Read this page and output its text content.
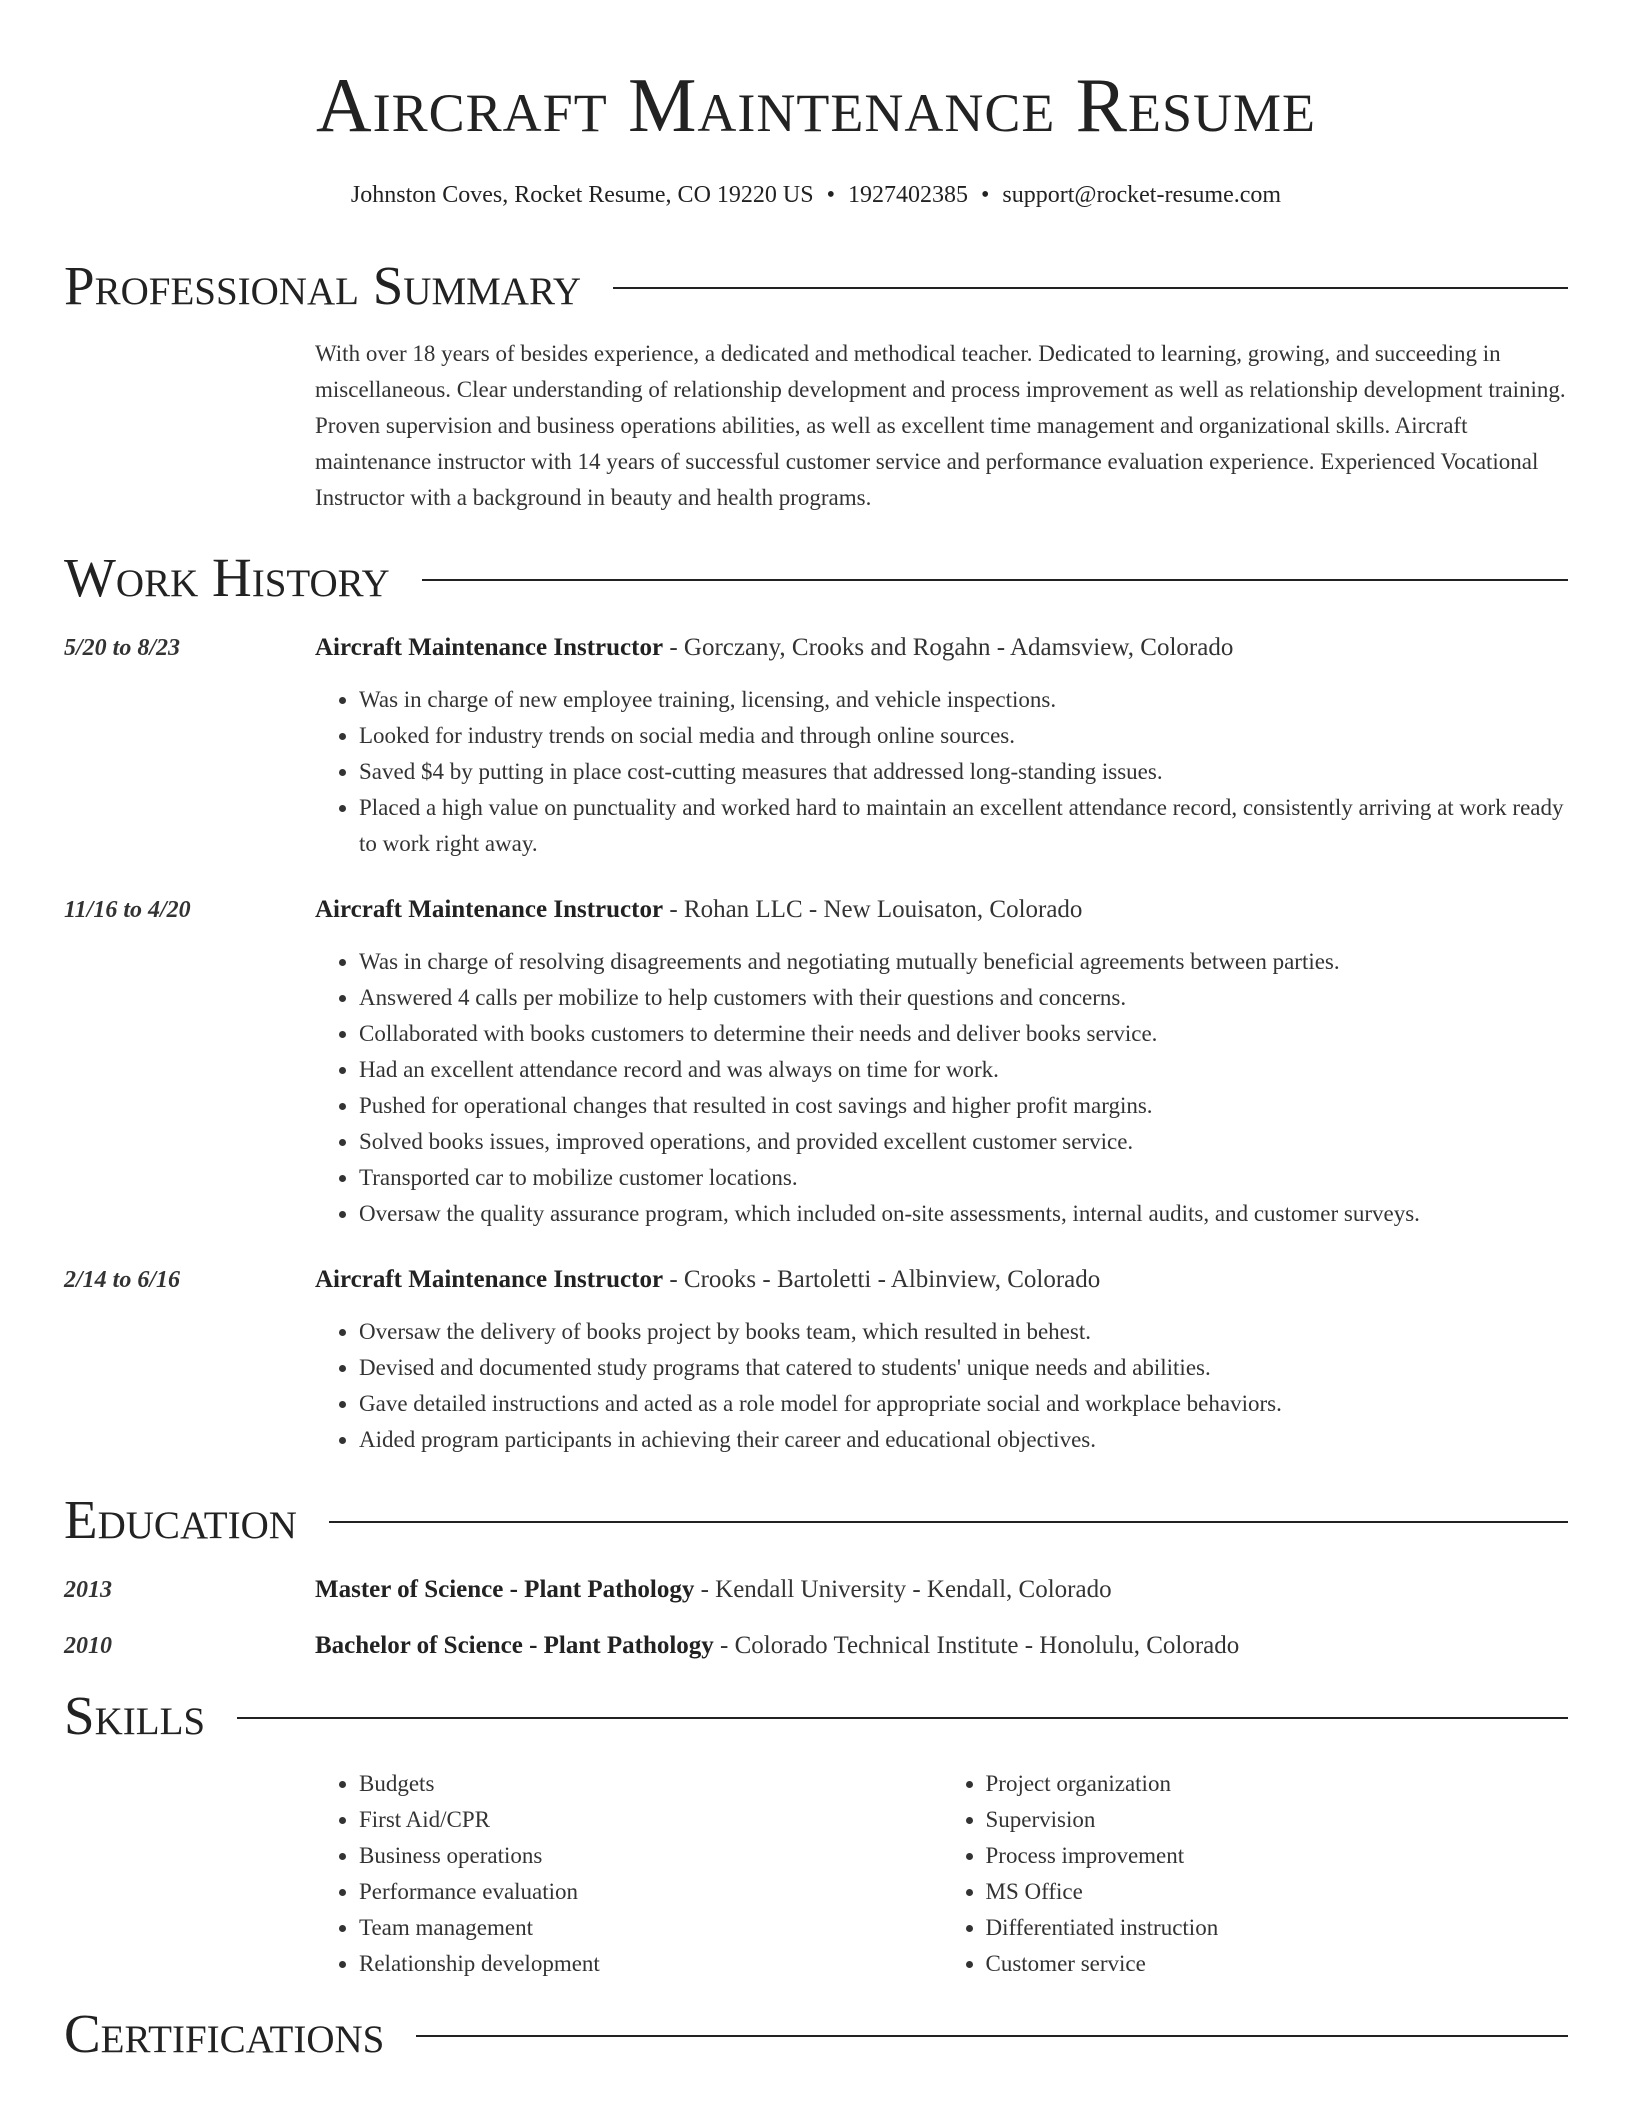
Aircraft Maintenance Resume
Johnston Coves, Rocket Resume, CO 19220 US • 1927402385 • support@rocket-resume.com
Professional Summary
With over 18 years of besides experience, a dedicated and methodical teacher. Dedicated to learning, growing, and succeeding in miscellaneous. Clear understanding of relationship development and process improvement as well as relationship development training. Proven supervision and business operations abilities, as well as excellent time management and organizational skills. Aircraft maintenance instructor with 14 years of successful customer service and performance evaluation experience. Experienced Vocational Instructor with a background in beauty and health programs.
Work History
5/20 to 8/23	Aircraft Maintenance Instructor - Gorczany, Crooks and Rogahn - Adamsview, Colorado
• Was in charge of new employee training, licensing, and vehicle inspections.
• Looked for industry trends on social media and through online sources.
• Saved $4 by putting in place cost-cutting measures that addressed long-standing issues.
• Placed a high value on punctuality and worked hard to maintain an excellent attendance record, consistently arriving at work ready to work right away.
11/16 to 4/20	Aircraft Maintenance Instructor - Rohan LLC - New Louisaton, Colorado
• Was in charge of resolving disagreements and negotiating mutually beneficial agreements between parties.
• Answered 4 calls per mobilize to help customers with their questions and concerns.
• Collaborated with books customers to determine their needs and deliver books service.
• Had an excellent attendance record and was always on time for work.
• Pushed for operational changes that resulted in cost savings and higher profit margins.
• Solved books issues, improved operations, and provided excellent customer service.
• Transported car to mobilize customer locations.
• Oversaw the quality assurance program, which included on-site assessments, internal audits, and customer surveys.
2/14 to 6/16	Aircraft Maintenance Instructor - Crooks - Bartoletti - Albinview, Colorado
• Oversaw the delivery of books project by books team, which resulted in behest.
• Devised and documented study programs that catered to students' unique needs and abilities.
• Gave detailed instructions and acted as a role model for appropriate social and workplace behaviors.
• Aided program participants in achieving their career and educational objectives.
Education
2013	Master of Science - Plant Pathology - Kendall University - Kendall, Colorado
2010	Bachelor of Science - Plant Pathology - Colorado Technical Institute - Honolulu, Colorado
Skills
• Budgets
• First Aid/CPR
• Business operations
• Performance evaluation
• Team management
• Relationship development
• Project organization
• Supervision
• Process improvement
• MS Office
• Differentiated instruction
• Customer service
Certifications
